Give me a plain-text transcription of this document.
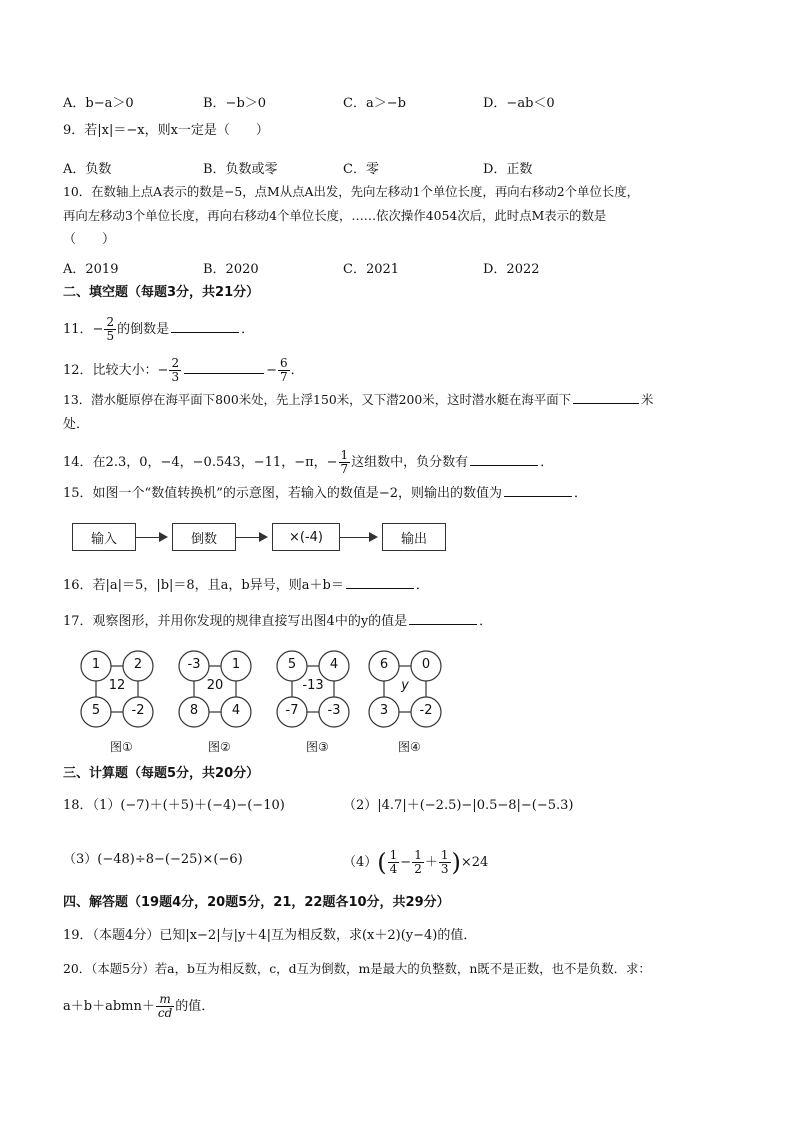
A．b−a＞0	B．−b＞0	C．a＞−b	D．−ab＜0
9．若|x|＝−x，则x一定是（　　）
A．负数	B．负数或零	C．零	D．正数
10．在数轴上点A表示的数是−5，点M从点A出发，先向左移动1个单位长度，再向右移动2个单位长度，
再向左移动3个单位长度，再向右移动4个单位长度，……依次操作4054次后，此时点M表示的数是
（　　）
A．2019	B．2020	C．2021	D．2022
二、填空题（每题3分，共21分）
11．− $\frac{2}{5}$ 的倒数是	．
12．比较大小：− $\frac{2}{3}$	− $\frac{6}{7}$ ．
13．潜水艇原停在海平面下800米处，先上浮150米，又下潜200米，这时潜水艇在海平面下	米
处．
14．在2.3，0，−4，−0.543，−11，−π，− $\frac{1}{7}$ 这组数中，负分数有	．
15．如图一个“数值转换机”的示意图，若输入的数值是−2，则输出的数值为	．
输入	倒数	×(-4)	输出
16．若|a|＝5，|b|＝8，且a，b异号，则a＋b＝	．
17．观察图形，并用你发现的规律直接写出图4中的y的值是	．
1	2
5	-2
12
图①
-3	1
8	4
20
图②
5	4
-7 -3
-13
图③
6	0
3	-2
y
图④
三、计算题（每题5分，共20分）
18．（1）(−7)＋(＋5)＋(−4)−(−10)	（2）|4.7|＋(−2.5)−|0.5−8|−(−5.3)
（3）(−48)÷8−(−25)×(−6)	$(4)( \frac{1}{4} - \frac{1}{2} + \frac{1}{3} )\times 24$
四、解答题（19题4分，20题5分，21，22题各10分，共29分）
19．（本题4分）已知|x−2|与|y＋4|互为相反数，求(x＋2)(y−4)的值．
20．（本题5分）若a，b互为相反数，c，d互为倒数，m是最大的负整数，n既不是正数，也不是负数．求：
a＋b＋abmn＋ $\frac{m}{cd}$ 的值．
